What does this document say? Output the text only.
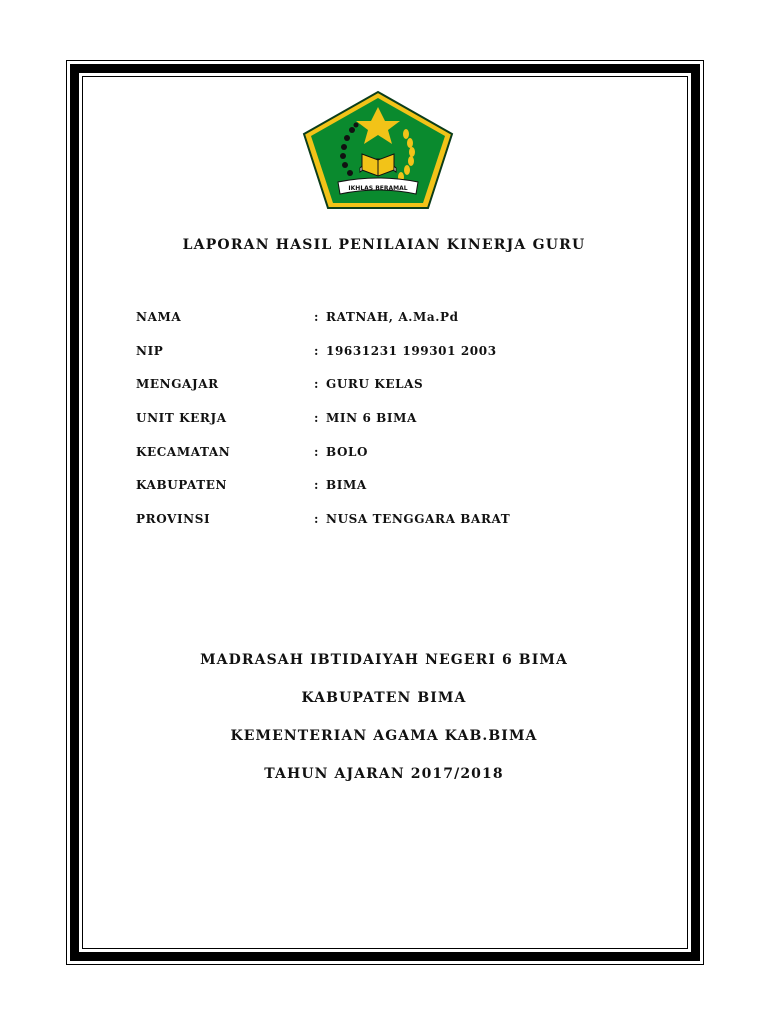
IKHLAS BERAMAL
LAPORAN HASIL PENILAIAN KINERJA GURU
NAMA	: RATNAH, A.Ma.Pd
NIP	: 19631231 199301 2003
MENGAJAR	: GURU KELAS
UNIT KERJA	: MIN 6 BIMA
KECAMATAN	: BOLO
KABUPATEN	: BIMA
PROVINSI	: NUSA TENGGARA BARAT
MADRASAH IBTIDAIYAH NEGERI 6 BIMA
KABUPATEN BIMA
KEMENTERIAN AGAMA KAB.BIMA
TAHUN AJARAN 2017/2018
